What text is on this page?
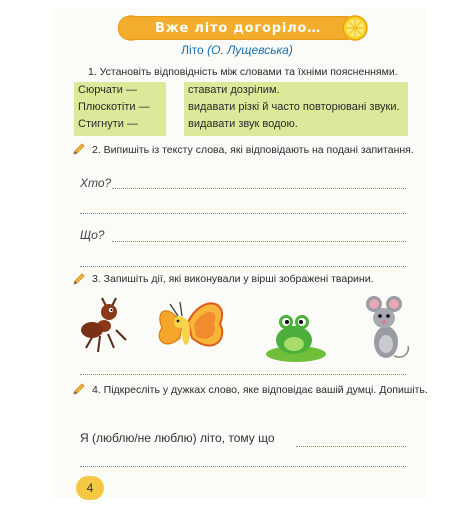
Вже літо догоріло…
Літо (О. Лущевська)
1. Установіть відповідність між словами та їхніми поясненнями.
Сюрчати —
Плюскотіти —
Стигнути —
ставати дозрілим.
видавати різкі й часто повторювані звуки.
видавати звук водою.
2. Випишіть із тексту слова, які відповідають на подані запитання.
Хто?
Що?
3. Запишіть дії, які виконували у вірші зображені тварини.
4. Підкресліть у дужках слово, яке відповідає вашій думці. Допишіть.
Я (люблю/не люблю) літо, тому що
4
